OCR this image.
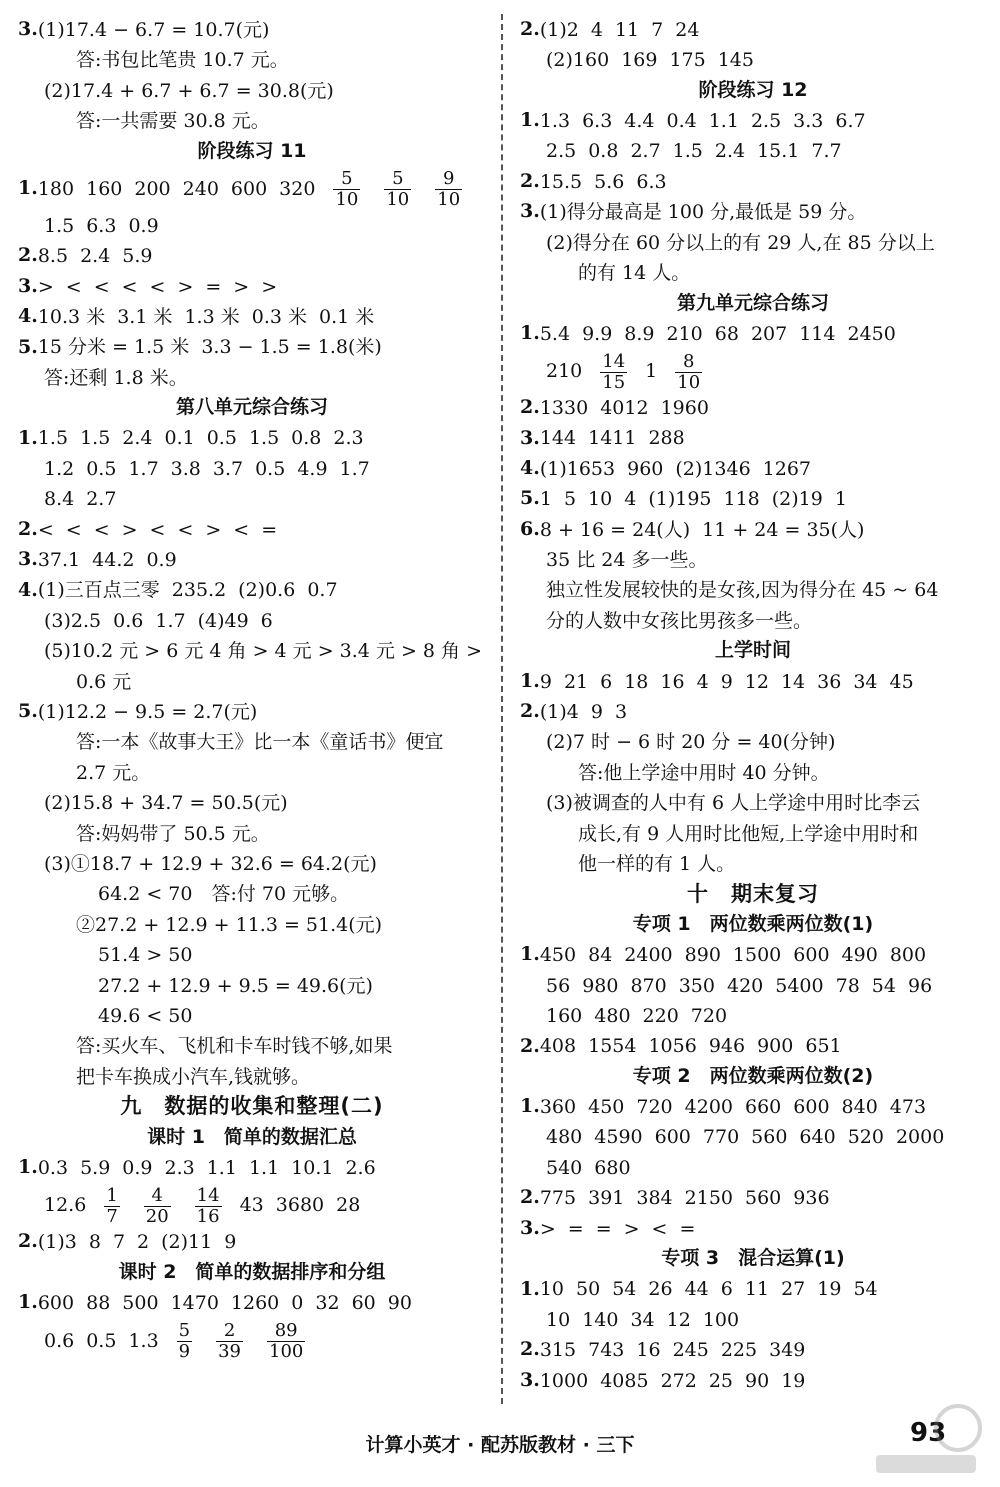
3.(1)17.4 − 6.7 = 10.7(元)
答:书包比笔贵 10.7 元。
(2)17.4 + 6.7 + 6.7 = 30.8(元)
答:一共需要 30.8 元。
阶段练习 11
1.180 160 200 240 600 $320 \frac{5}{10} \frac{5}{10} \frac{9}{10}$
1.5 6.3 0.9
2.8.5 2.4 5.9
3.> < < < < > = > >
4.10.3 米 3.1 米 1.3 米 0.3 米 0.1 米
5.15 分米 = 1.5 米 3.3 − 1.5 = 1.8(米)
答:还剩 1.8 米。
第八单元综合练习
1.1.5 1.5 2.4 0.1 0.5 1.5 0.8 2.3
1.2 0.5 1.7 3.8 3.7 0.5 4.9 1.7
8.4 2.7
2.< < < > < < > < =
3.37.1 44.2 0.9
4.(1)三百点三零 235.2 (2)0.6 0.7
(3)2.5 0.6 1.7 (4)49 6
(5)10.2 元 > 6 元 4 角 > 4 元 > 3.4 元 > 8 角 >
0.6 元
5.(1)12.2 − 9.5 = 2.7(元)
答:一本《故事大王》比一本《童话书》便宜
2.7 元。
(2)15.8 + 34.7 = 50.5(元)
答:妈妈带了 50.5 元。
(3)①18.7 + 12.9 + 32.6 = 64.2(元)
64.2 < 70　答:付 70 元够。
②27.2 + 12.9 + 11.3 = 51.4(元)
51.4 > 50
27.2 + 12.9 + 9.5 = 49.6(元)
49.6 < 50
答:买火车、飞机和卡车时钱不够,如果
把卡车换成小汽车,钱就够。
九　数据的收集和整理(二)
课时 1　简单的数据汇总
1.0.3 5.9 0.9 2.3 1.1 1.1 10.1 2.6
$12.6 \frac{1}{7} \frac{4}{20} \frac{14}{16} 43$ 3680 28
2.(1)3 8 7 2 (2)11 9
课时 2　简单的数据排序和分组
1.600 88 500 1470 1260 0 32 60 90
0.6 0.5 $1.3 \frac{5}{9} \frac{2}{39} \frac{89}{100}$
2.(1)2 4 11 7 24
(2)160 169 175 145
阶段练习 12
1.1.3 6.3 4.4 0.4 1.1 2.5 3.3 6.7
2.5 0.8 2.7 1.5 2.4 15.1 7.7
2.15.5 5.6 6.3
3.(1)得分最高是 100 分,最低是 59 分。
(2)得分在 60 分以上的有 29 人,在 85 分以上
的有 14 人。
第九单元综合练习
1.5.4 9.9 8.9 210 68 207 114 2450
$210 \frac{14}{15} 1 \frac{8}{10}$
2.1330 4012 1960
3.144 1411 288
4.(1)1653 960 (2)1346 1267
5.1 5 10 4 (1)195 118 (2)19 1
6.8 + 16 = 24(人) 11 + 24 = 35(人)
35 比 24 多一些。
独立性发展较快的是女孩,因为得分在 45 ~ 64
分的人数中女孩比男孩多一些。
上学时间
1.9 21 6 18 16 4 9 12 14 36 34 45
2.(1)4 9 3
(2)7 时 − 6 时 20 分 = 40(分钟)
答:他上学途中用时 40 分钟。
(3)被调查的人中有 6 人上学途中用时比李云
成长,有 9 人用时比他短,上学途中用时和
他一样的有 1 人。
十　期末复习
专项 1　两位数乘两位数(1)
1.450 84 2400 890 1500 600 490 800
56 980 870 350 420 5400 78 54 96
160 480 220 720
2.408 1554 1056 946 900 651
专项 2　两位数乘两位数(2)
1.360 450 720 4200 660 600 840 473
480 4590 600 770 560 640 520 2000
540 680
2.775 391 384 2150 560 936
3.> = = > < =
专项 3　混合运算(1)
1.10 50 54 26 44 6 11 27 19 54
10 140 34 12 100
2.315 743 16 245 225 349
3.1000 4085 272 25 90 19
计算小英才 · 配苏版教材 · 三下	93
